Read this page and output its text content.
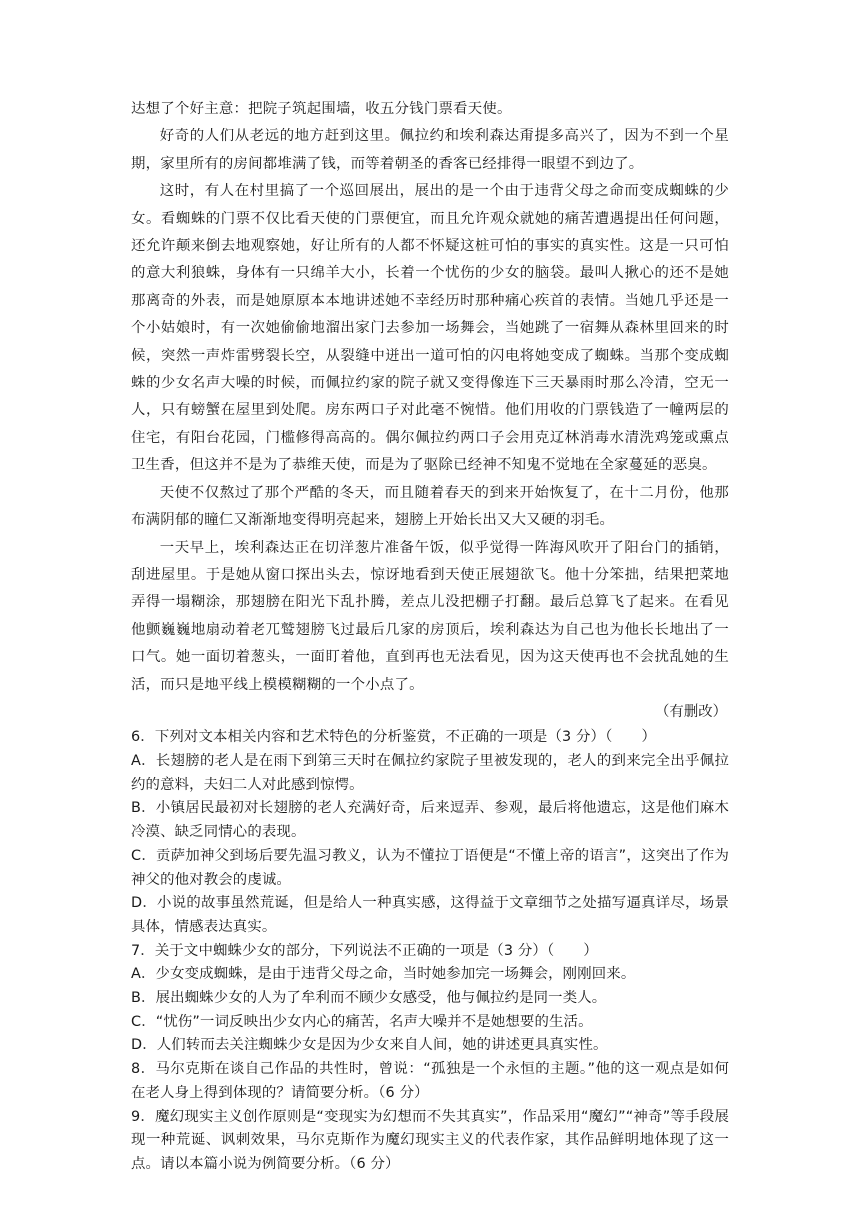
达想了个好主意：把院子筑起围墙，收五分钱门票看天使。

好奇的人们从老远的地方赶到这里。佩拉约和埃利森达甭提多高兴了，因为不到一个星期，家里所有的房间都堆满了钱，而等着朝圣的香客已经排得一眼望不到边了。

这时，有人在村里搞了一个巡回展出，展出的是一个由于违背父母之命而变成蜘蛛的少女。看蜘蛛的门票不仅比看天使的门票便宜，而且允许观众就她的痛苦遭遇提出任何问题，还允许颠来倒去地观察她，好让所有的人都不怀疑这桩可怕的事实的真实性。这是一只可怕的意大利狼蛛，身体有一只绵羊大小，长着一个忧伤的少女的脑袋。最叫人揪心的还不是她那离奇的外表，而是她原原本本地讲述她不幸经历时那种痛心疾首的表情。当她几乎还是一个小姑娘时，有一次她偷偷地溜出家门去参加一场舞会，当她跳了一宿舞从森林里回来的时候，突然一声炸雷劈裂长空，从裂缝中迸出一道可怕的闪电将她变成了蜘蛛。当那个变成蜘蛛的少女名声大噪的时候，而佩拉约家的院子就又变得像连下三天暴雨时那么冷清，空无一人，只有螃蟹在屋里到处爬。房东两口子对此毫不惋惜。他们用收的门票钱造了一幢两层的住宅，有阳台花园，门槛修得高高的。偶尔佩拉约两口子会用克辽林消毒水清洗鸡笼或熏点卫生香，但这并不是为了恭维天使，而是为了驱除已经神不知鬼不觉地在全家蔓延的恶臭。

天使不仅熬过了那个严酷的冬天，而且随着春天的到来开始恢复了，在十二月份，他那布满阴郁的瞳仁又渐渐地变得明亮起来，翅膀上开始长出又大又硬的羽毛。

一天早上，埃利森达正在切洋葱片准备午饭，似乎觉得一阵海风吹开了阳台门的插销，刮进屋里。于是她从窗口探出头去，惊讶地看到天使正展翅欲飞。他十分笨拙，结果把菜地弄得一塌糊涂，那翅膀在阳光下乱扑腾，差点儿没把棚子打翻。最后总算飞了起来。在看见他颤巍巍地扇动着老兀鹫翅膀飞过最后几家的房顶后，埃利森达为自己也为他长长地出了一口气。她一面切着葱头，一面盯着他，直到再也无法看见，因为这天使再也不会扰乱她的生活，而只是地平线上模模糊糊的一个小点了。

（有删改）

6．下列对文本相关内容和艺术特色的分析鉴赏，不正确的一项是（3 分）（　　）

A．长翅膀的老人是在雨下到第三天时在佩拉约家院子里被发现的，老人的到来完全出乎佩拉约的意料，夫妇二人对此感到惊愕。

B．小镇居民最初对长翅膀的老人充满好奇，后来逗弄、参观，最后将他遗忘，这是他们麻木冷漠、缺乏同情心的表现。

C．贡萨加神父到场后要先温习教义，认为不懂拉丁语便是“不懂上帝的语言”，这突出了作为神父的他对教会的虔诚。

D．小说的故事虽然荒诞，但是给人一种真实感，这得益于文章细节之处描写逼真详尽，场景具体，情感表达真实。

7．关于文中蜘蛛少女的部分，下列说法不正确的一项是（3 分）（　　）

A．少女变成蜘蛛，是由于违背父母之命，当时她参加完一场舞会，刚刚回来。

B．展出蜘蛛少女的人为了牟利而不顾少女感受，他与佩拉约是同一类人。

C．“忧伤”一词反映出少女内心的痛苦，名声大噪并不是她想要的生活。

D．人们转而去关注蜘蛛少女是因为少女来自人间，她的讲述更具真实性。

8．马尔克斯在谈自己作品的共性时，曾说：“孤独是一个永恒的主题。”他的这一观点是如何在老人身上得到体现的？请简要分析。（6 分）

9．魔幻现实主义创作原则是“变现实为幻想而不失其真实”，作品采用“魔幻”“神奇”等手段展现一种荒诞、讽刺效果，马尔克斯作为魔幻现实主义的代表作家，其作品鲜明地体现了这一点。请以本篇小说为例简要分析。（6 分）
